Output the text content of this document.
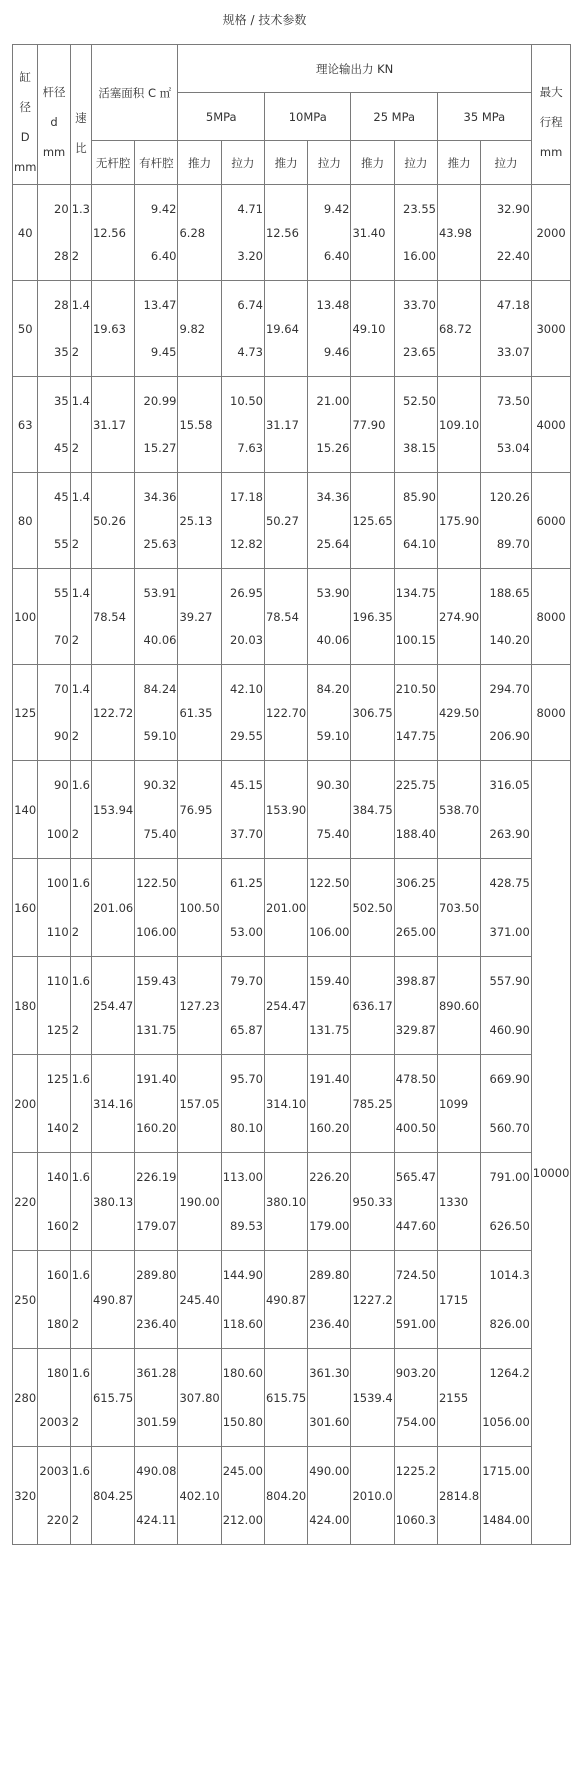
规格 / 技术参数
缸
径
D
mm	杆径
d
mm	速
比	活塞面积 C ㎡		理论输出力 KN								最大
行程
mm

					5MPa		10MPa		25 MPa		35 MPa		
			无杆腔	有杆腔	推力	拉力	推力	拉力	推力	拉力	推力	拉力	
40	20	1.3	12.56	9.42	6.28	4.71	12.56	9.42	31.40	23.55	43.98	32.90	2000
	28	2		6.40		3.20		6.40		16.00		22.40	
50	28	1.4	19.63	13.47	9.82	6.74	19.64	13.48	49.10	33.70	68.72	47.18	3000
	35	2		9.45		4.73		9.46		23.65		33.07	
63	35	1.4	31.17	20.99	15.58	10.50	31.17	21.00	77.90	52.50	109.10	73.50	4000
	45	2		15.27		7.63		15.26		38.15		53.04	
80	45	1.4	50.26	34.36	25.13	17.18	50.27	34.36	125.65	85.90	175.90	120.26	6000
	55	2		25.63		12.82		25.64		64.10		89.70	
100	55	1.4	78.54	53.91	39.27	26.95	78.54	53.90	196.35	134.75	274.90	188.65	8000
	70	2		40.06		20.03		40.06		100.15		140.20	
125	70	1.4	122.72	84.24	61.35	42.10	122.70	84.20	306.75	210.50	429.50	294.70	8000
	90	2		59.10		29.55		59.10		147.75		206.90	
140	90	1.6	153.94	90.32	76.95	45.15	153.90	90.30	384.75	225.75	538.70	316.05	10000
	100	2		75.40		37.70		75.40		188.40		263.90	
160	100	1.6	201.06	122.50	100.50	61.25	201.00	122.50	502.50	306.25	703.50	428.75	
	110	2		106.00		53.00		106.00		265.00		371.00	
180	110	1.6	254.47	159.43	127.23	79.70	254.47	159.40	636.17	398.87	890.60	557.90	
	125	2		131.75		65.87		131.75		329.87		460.90	
200	125	1.6	314.16	191.40	157.05	95.70	314.10	191.40	785.25	478.50	1099	669.90	
	140	2		160.20		80.10		160.20		400.50		560.70	
220	140	1.6	380.13	226.19	190.00	113.00	380.10	226.20	950.33	565.47	1330	791.00	
	160	2		179.07		89.53		179.00		447.60		626.50	
250	160	1.6	490.87	289.80	245.40	144.90	490.87	289.80	1227.2	724.50	1715	1014.3	
	180	2		236.40		118.60		236.40		591.00		826.00	
280	180	1.6	615.75	361.28	307.80	180.60	615.75	361.30	1539.4	903.20	2155	1264.2	
	2003	2		301.59		150.80		301.60		754.00		1056.00	
320	2003	1.6	804.25	490.08	402.10	245.00	804.20	490.00	2010.0	1225.2	2814.8	1715.00	
	220	2		424.11		212.00		424.00		1060.3		1484.00	
